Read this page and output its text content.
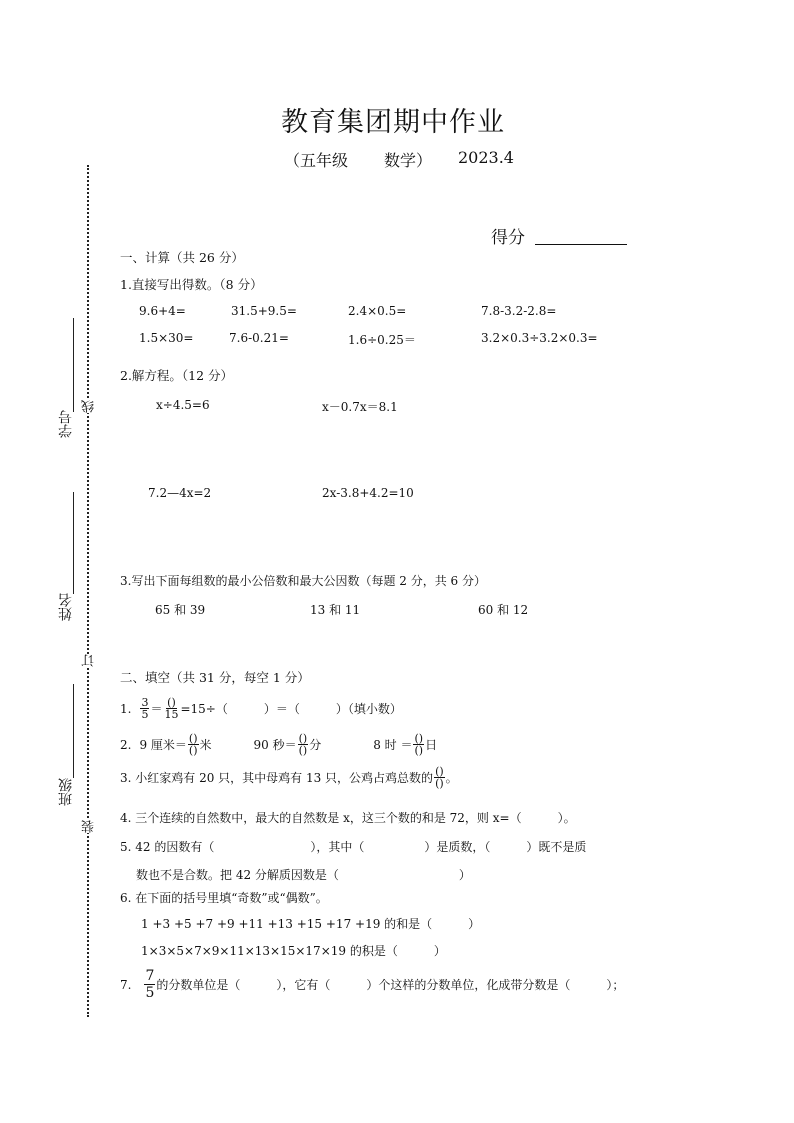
教育集团期中作业
（五年级 数学） 2023.4
得分
学号
姓名
班级
线
订
装
一、计算（共 26 分）
1.直接写出得数。（8 分）
9.6+4=	31.5+9.5=	2.4×0.5=	7.8-3.2-2.8=
1.5×30=	7.6-0.21=	1.6÷0.25＝	3.2×0.3÷3.2×0.3=
2.解方程。（12 分）
x÷4.5=6	x－0.7x＝8.1
7.2—4x=2	2x-3.8+4.2=10
3.写出下面每组数的最小公倍数和最大公因数（每题 2 分，共 6 分）
65 和 39	13 和 11	60 和 12
二、填空（共 31 分，每空 1 分）
1. $\frac{3}{5} = \frac{()}{15} =15\div$（　　　）＝（　　　）（填小数）
2. 9 厘米＝ $\frac{()}{()}$ 米	90 秒＝ $\frac{()}{()}$ 分	8 时 ＝ $\frac{()}{()}$ 日
3. 小红家鸡有 20 只，其中母鸡有 13 只，公鸡占鸡总数的 $\frac{()}{()}$ 。
4. 三个连续的自然数中，最大的自然数是 x，这三个数的和是 72，则 x=（　　　）。
5. 42 的因数有（　　　　　　　　），其中（　　　　　）是质数，（　　　）既不是质
数也不是合数。把 42 分解质因数是（　　　　　　　　　　）
6. 在下面的括号里填“奇数”或“偶数”。
1 +3 +5 +7 +9 +11 +13 +15 +17 +19 的和是（　　　）
1×3×5×7×9×11×13×15×17×19 的积是（　　　）
7. $\frac{7}{5}$ 的分数单位是（　　　），它有（　　　）个这样的分数单位，化成带分数是（　　　）；
